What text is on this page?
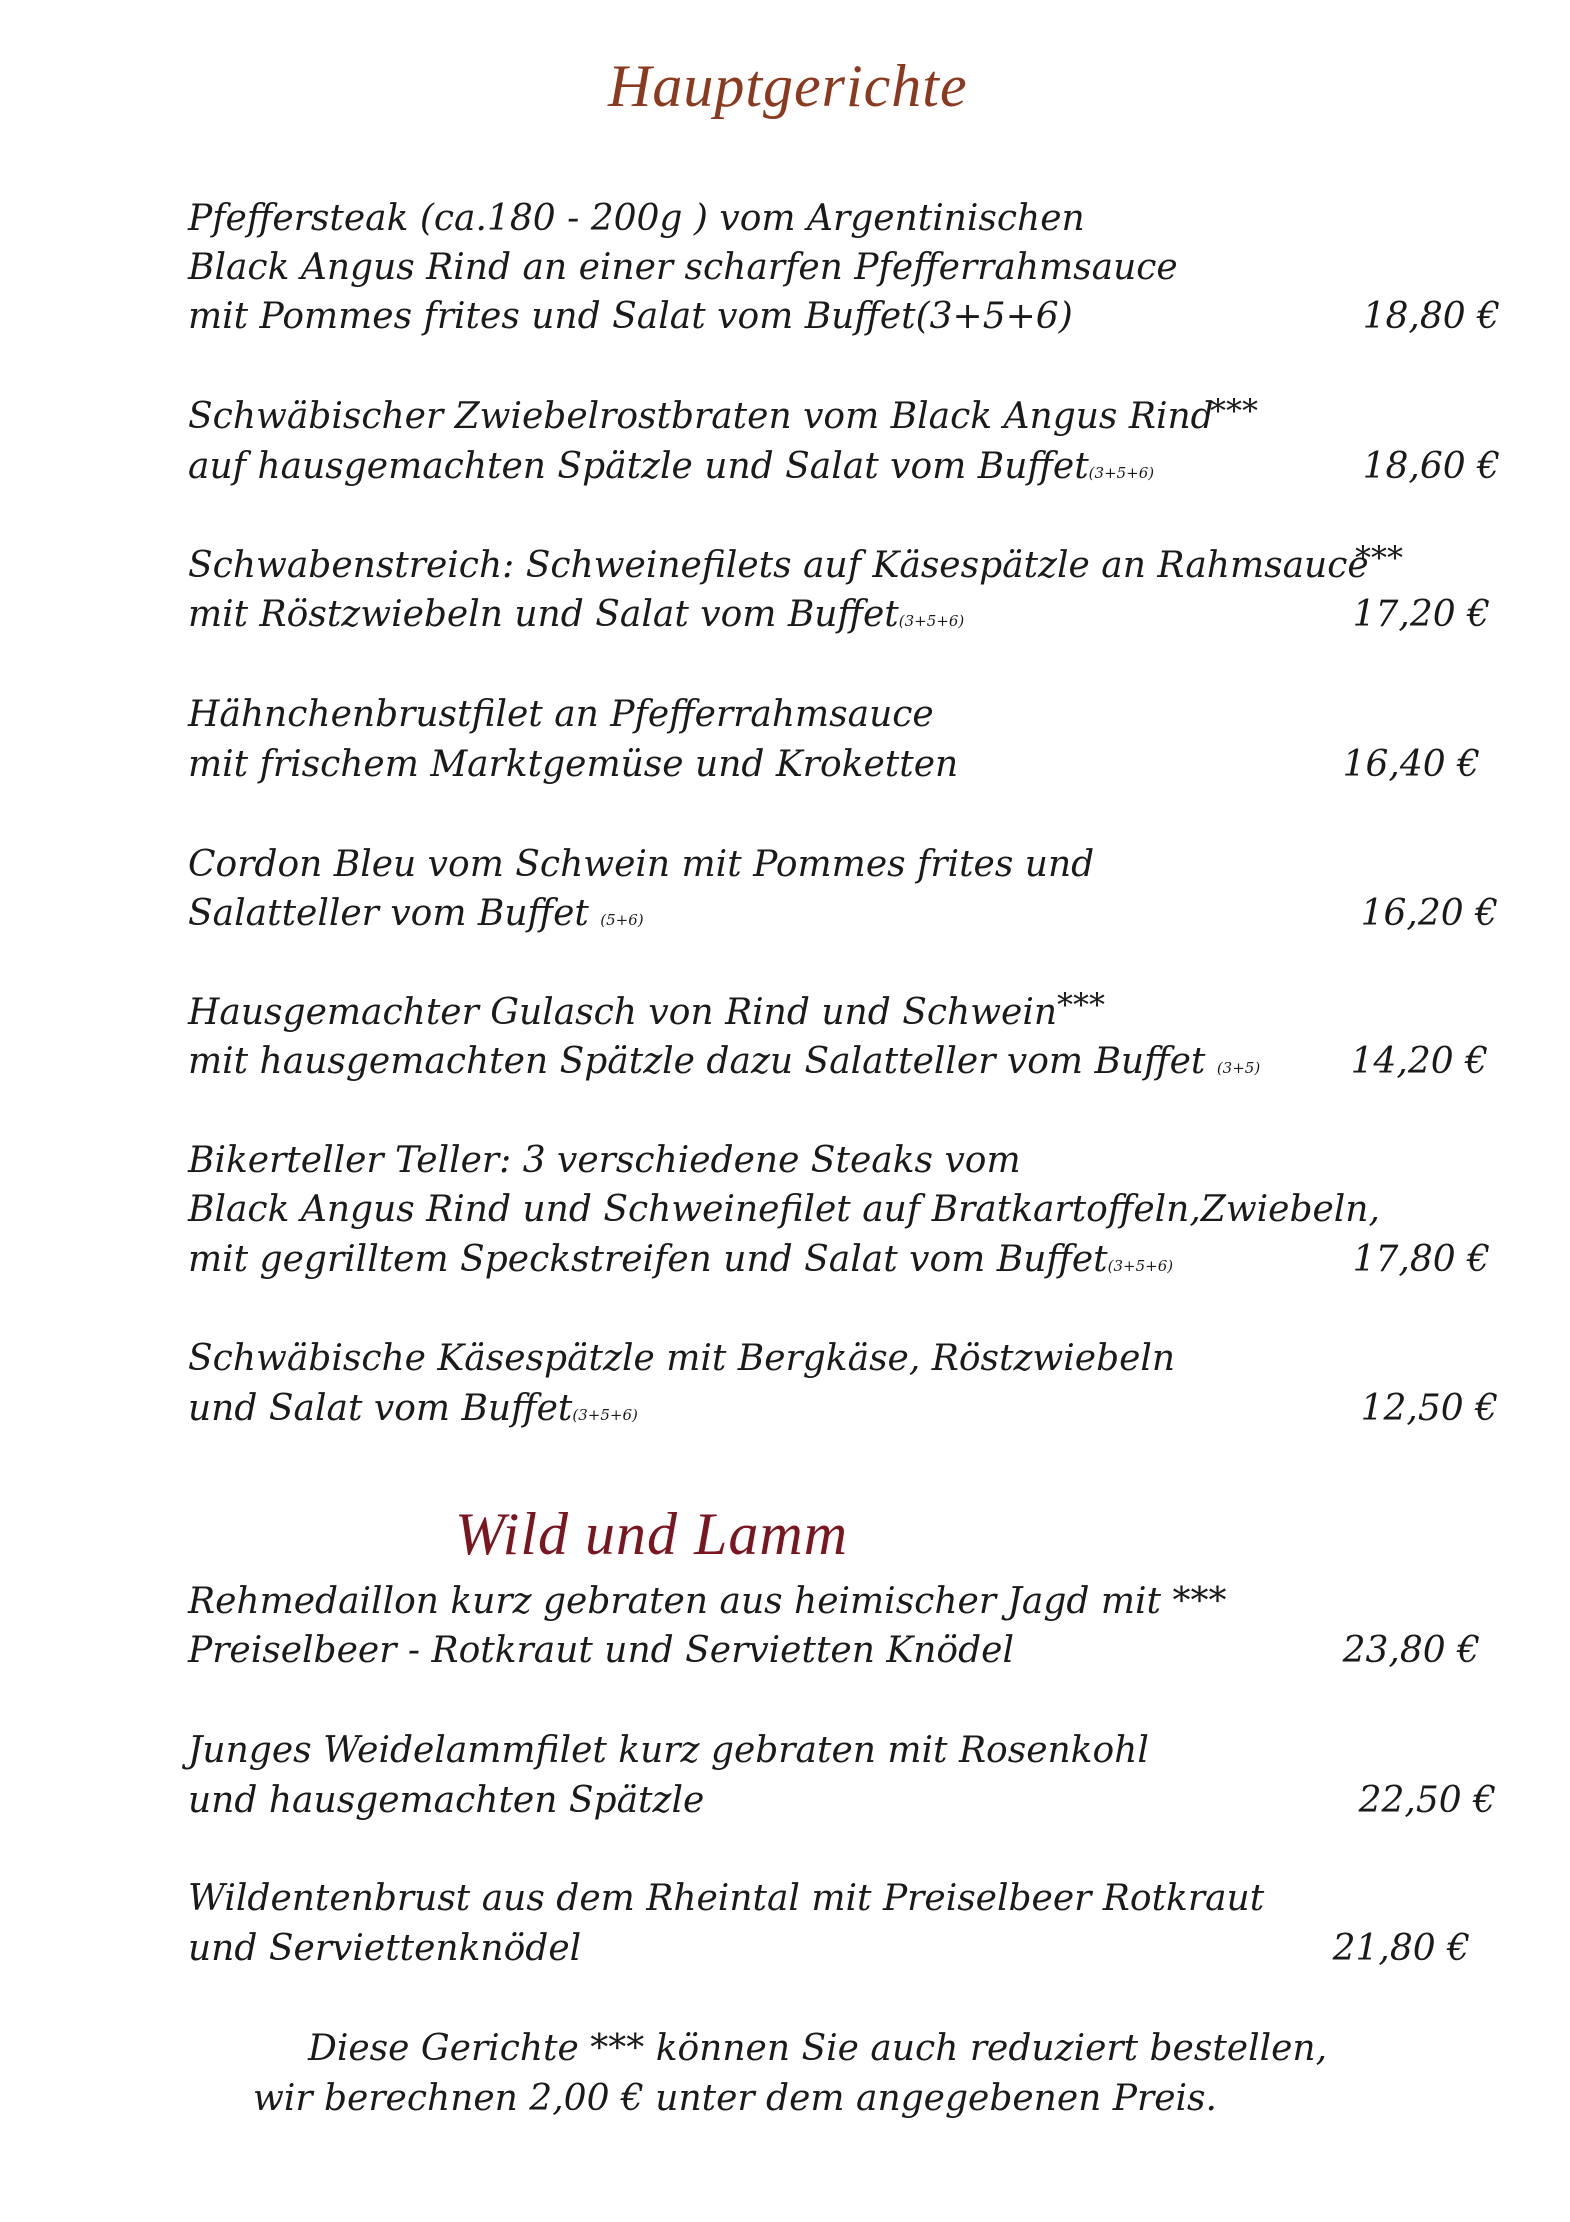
Hauptgerichte
Pfeffersteak (ca.180 - 200g ) vom Argentinischen
Black Angus Rind an einer scharfen Pfefferrahmsauce
mit Pommes frites und Salat vom Buffet(3+5+6)	18,80 €
Schwäbischer Zwiebelrostbraten vom Black Angus Rind
***
auf hausgemachten Spätzle und Salat vom Buffet(3+5+6)	18,60 €
Schwabenstreich: Schweinefilets auf Käsespätzle an Rahmsauce
***
mit Röstzwiebeln und Salat vom Buffet(3+5+6)	17,20 €
Hähnchenbrustfilet an Pfefferrahmsauce
mit frischem Marktgemüse und Kroketten	16,40 €
Cordon Bleu vom Schwein mit Pommes frites und
Salatteller vom Buffet (5+6)	16,20 €
Hausgemachter Gulasch von Rind und Schwein ***
mit hausgemachten Spätzle dazu Salatteller vom Buffet (3+5)	14,20 €
Bikerteller Teller: 3 verschiedene Steaks vom
Black Angus Rind und Schweinefilet auf Bratkartoffeln,Zwiebeln,
mit gegrilltem Speckstreifen und Salat vom Buffet(3+5+6)	17,80 €
Schwäbische Käsespätzle mit Bergkäse, Röstzwiebeln
und Salat vom Buffet(3+5+6)	12,50 €
Wild und Lamm
Rehmedaillon kurz gebraten aus heimischer Jagd mit ***
Preiselbeer - Rotkraut und Servietten Knödel	23,80 €
Junges Weidelammfilet kurz gebraten mit Rosenkohl
und hausgemachten Spätzle	22,50 €
Wildentenbrust aus dem Rheintal mit Preiselbeer Rotkraut
und Serviettenknödel	21,80 €
Diese Gerichte *** können Sie auch reduziert bestellen,
wir berechnen 2,00 € unter dem angegebenen Preis.
